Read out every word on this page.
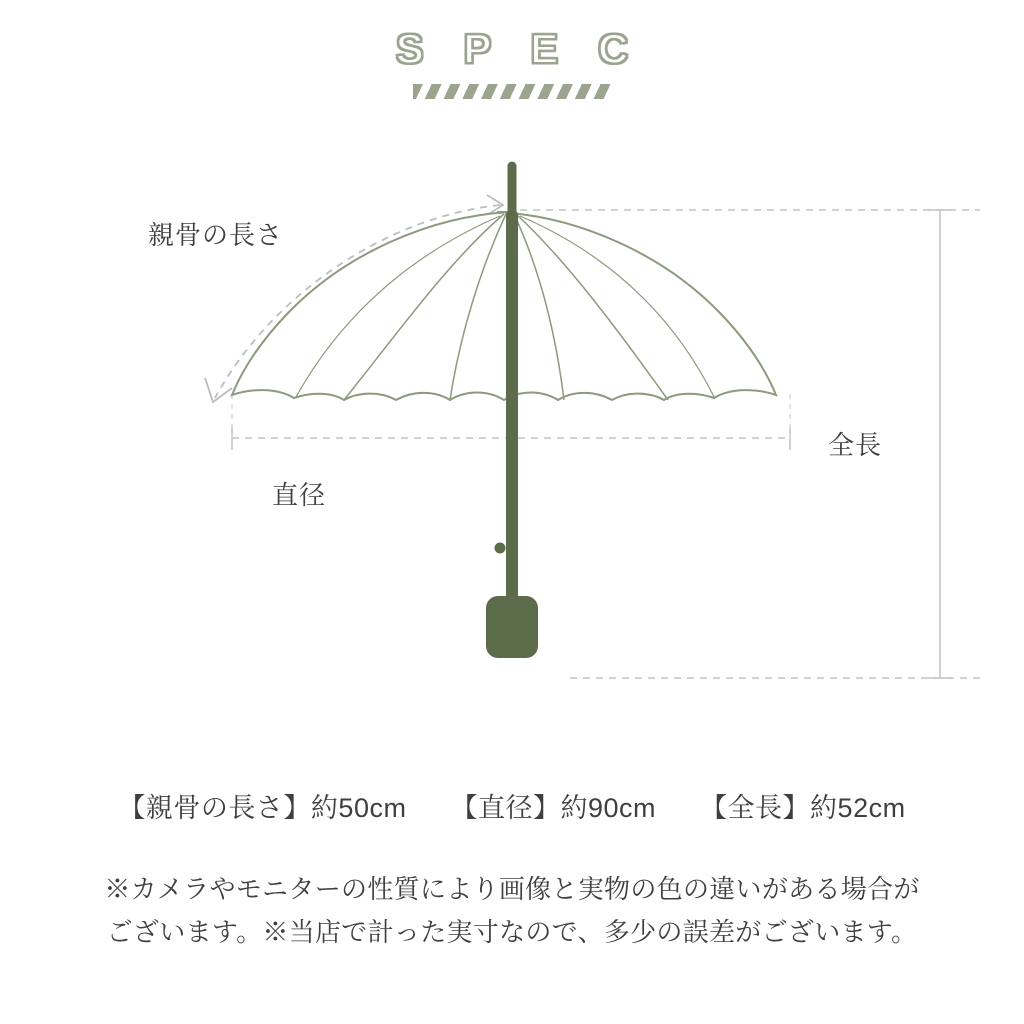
S P E C
親骨の長さ
直径
全長
【親骨の長さ】約50cm 【直径】約90cm 【全長】約52cm
※カメラやモニターの性質により画像と実物の色の違いがある場合が
ございます。※当店で計った実寸なので、多少の誤差がございます。
